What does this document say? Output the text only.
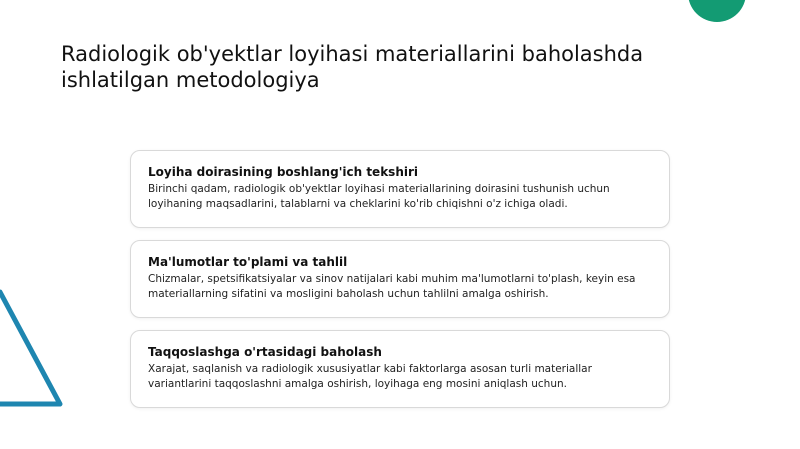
Radiologik ob'yektlar loyihasi materiallarini baholashda ishlatilgan metodologiya

Loyiha doirasining boshlang'ich tekshiri

Birinchi qadam, radiologik ob'yektlar loyihasi materiallarining doirasini tushunish uchun loyihaning maqsadlarini, talablarni va cheklarini ko'rib chiqishni o'z ichiga oladi.

Ma'lumotlar to'plami va tahlil

Chizmalar, spetsifikatsiyalar va sinov natijalari kabi muhim ma'lumotlarni to'plash, keyin esa materiallarning sifatini va mosligini baholash uchun tahlilni amalga oshirish.

Taqqoslashga o'rtasidagi baholash

Xarajat, saqlanish va radiologik xususiyatlar kabi faktorlarga asosan turli materiallar variantlarini taqqoslashni amalga oshirish, loyihaga eng mosini aniqlash uchun.
